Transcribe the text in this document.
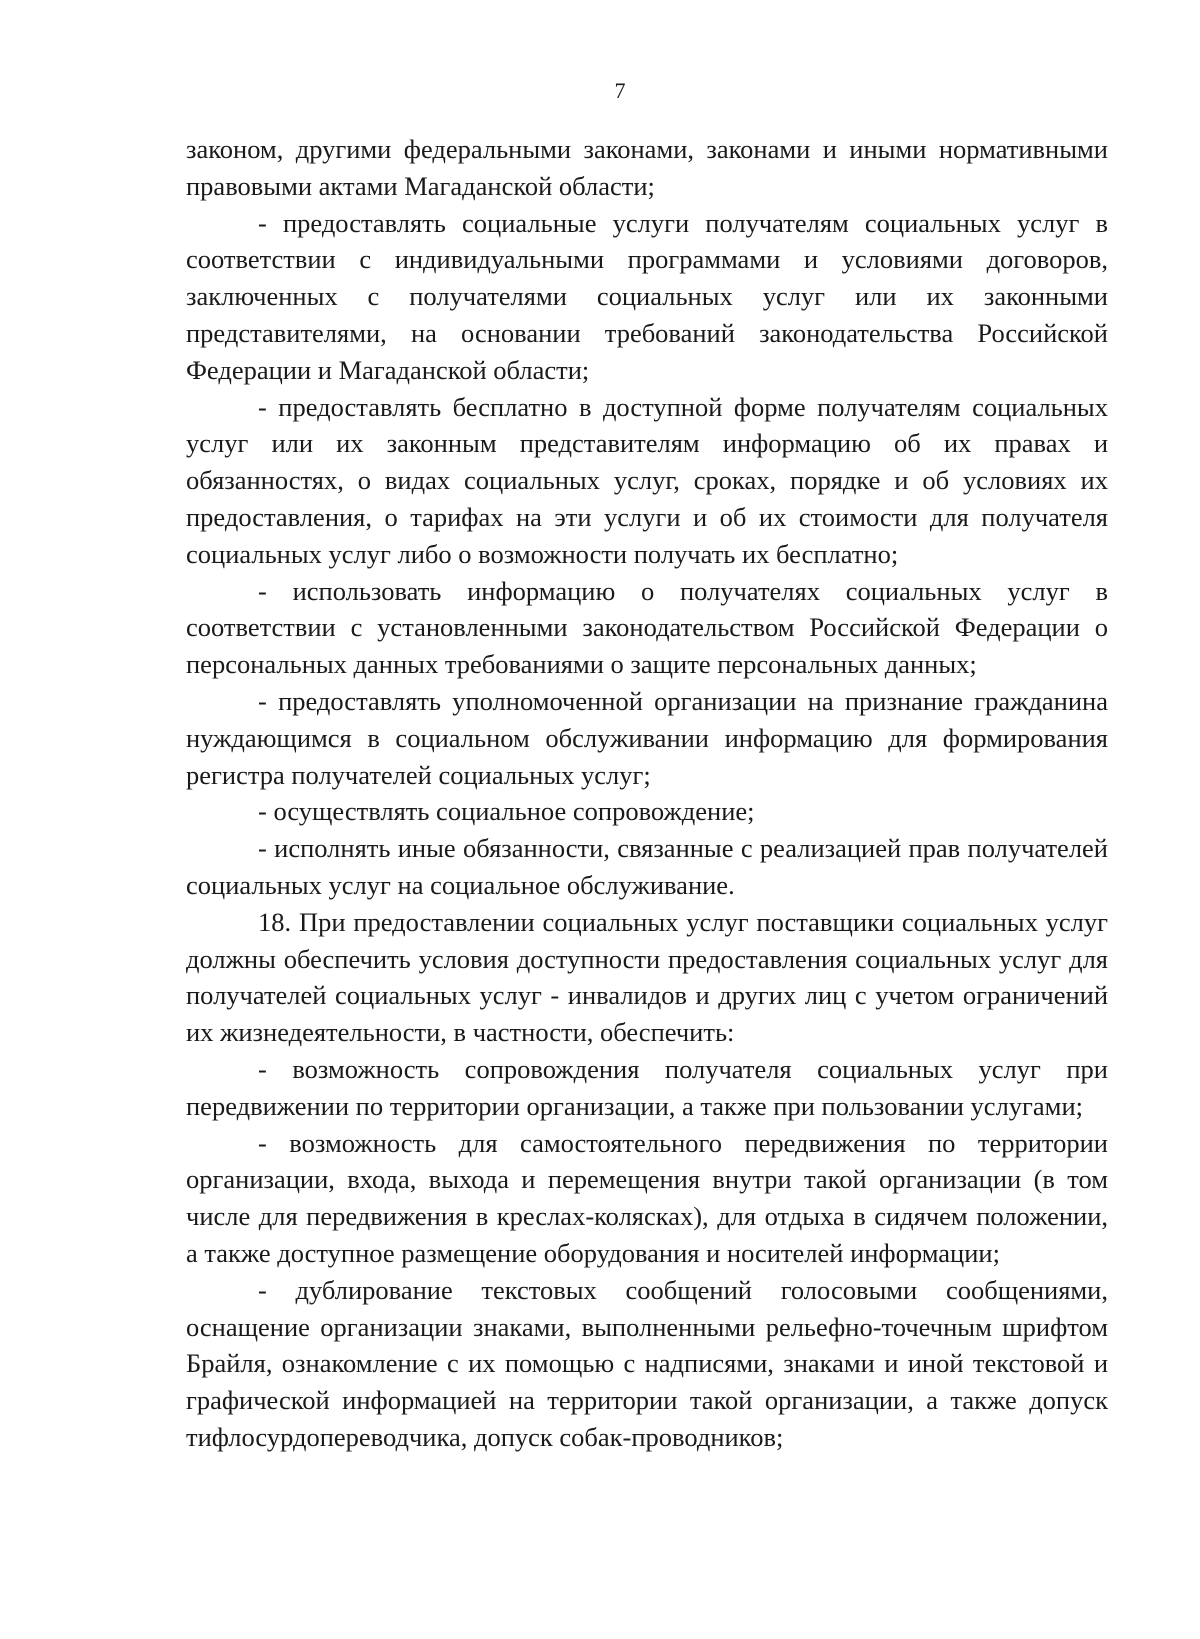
7

законом, другими федеральными законами, законами и иными нормативными правовыми актами Магаданской области;

- предоставлять социальные услуги получателям социальных услуг в соответствии с индивидуальными программами и условиями договоров, заключенных с получателями социальных услуг или их законными представителями, на основании требований законодательства Российской Федерации и Магаданской области;

- предоставлять бесплатно в доступной форме получателям социальных услуг или их законным представителям информацию об их правах и обязанностях, о видах социальных услуг, сроках, порядке и об условиях их предоставления, о тарифах на эти услуги и об их стоимости для получателя социальных услуг либо о возможности получать их бесплатно;

- использовать информацию о получателях социальных услуг в соответствии с установленными законодательством Российской Федерации о персональных данных требованиями о защите персональных данных;

- предоставлять уполномоченной организации на признание гражданина нуждающимся в социальном обслуживании информацию для формирования регистра получателей социальных услуг;

- осуществлять социальное сопровождение;

- исполнять иные обязанности, связанные с реализацией прав получателей социальных услуг на социальное обслуживание.

18. При предоставлении социальных услуг поставщики социальных услуг должны обеспечить условия доступности предоставления социальных услуг для получателей социальных услуг - инвалидов и других лиц с учетом ограничений их жизнедеятельности, в частности, обеспечить:

- возможность сопровождения получателя социальных услуг при передвижении по территории организации, а также при пользовании услугами;

- возможность для самостоятельного передвижения по территории организации, входа, выхода и перемещения внутри такой организации (в том числе для передвижения в креслах-колясках), для отдыха в сидячем положении, а также доступное размещение оборудования и носителей информации;

- дублирование текстовых сообщений голосовыми сообщениями, оснащение организации знаками, выполненными рельефно-точечным шрифтом Брайля, ознакомление с их помощью с надписями, знаками и иной текстовой и графической информацией на территории такой организации, а также допуск тифлосурдопереводчика, допуск собак-проводников;
